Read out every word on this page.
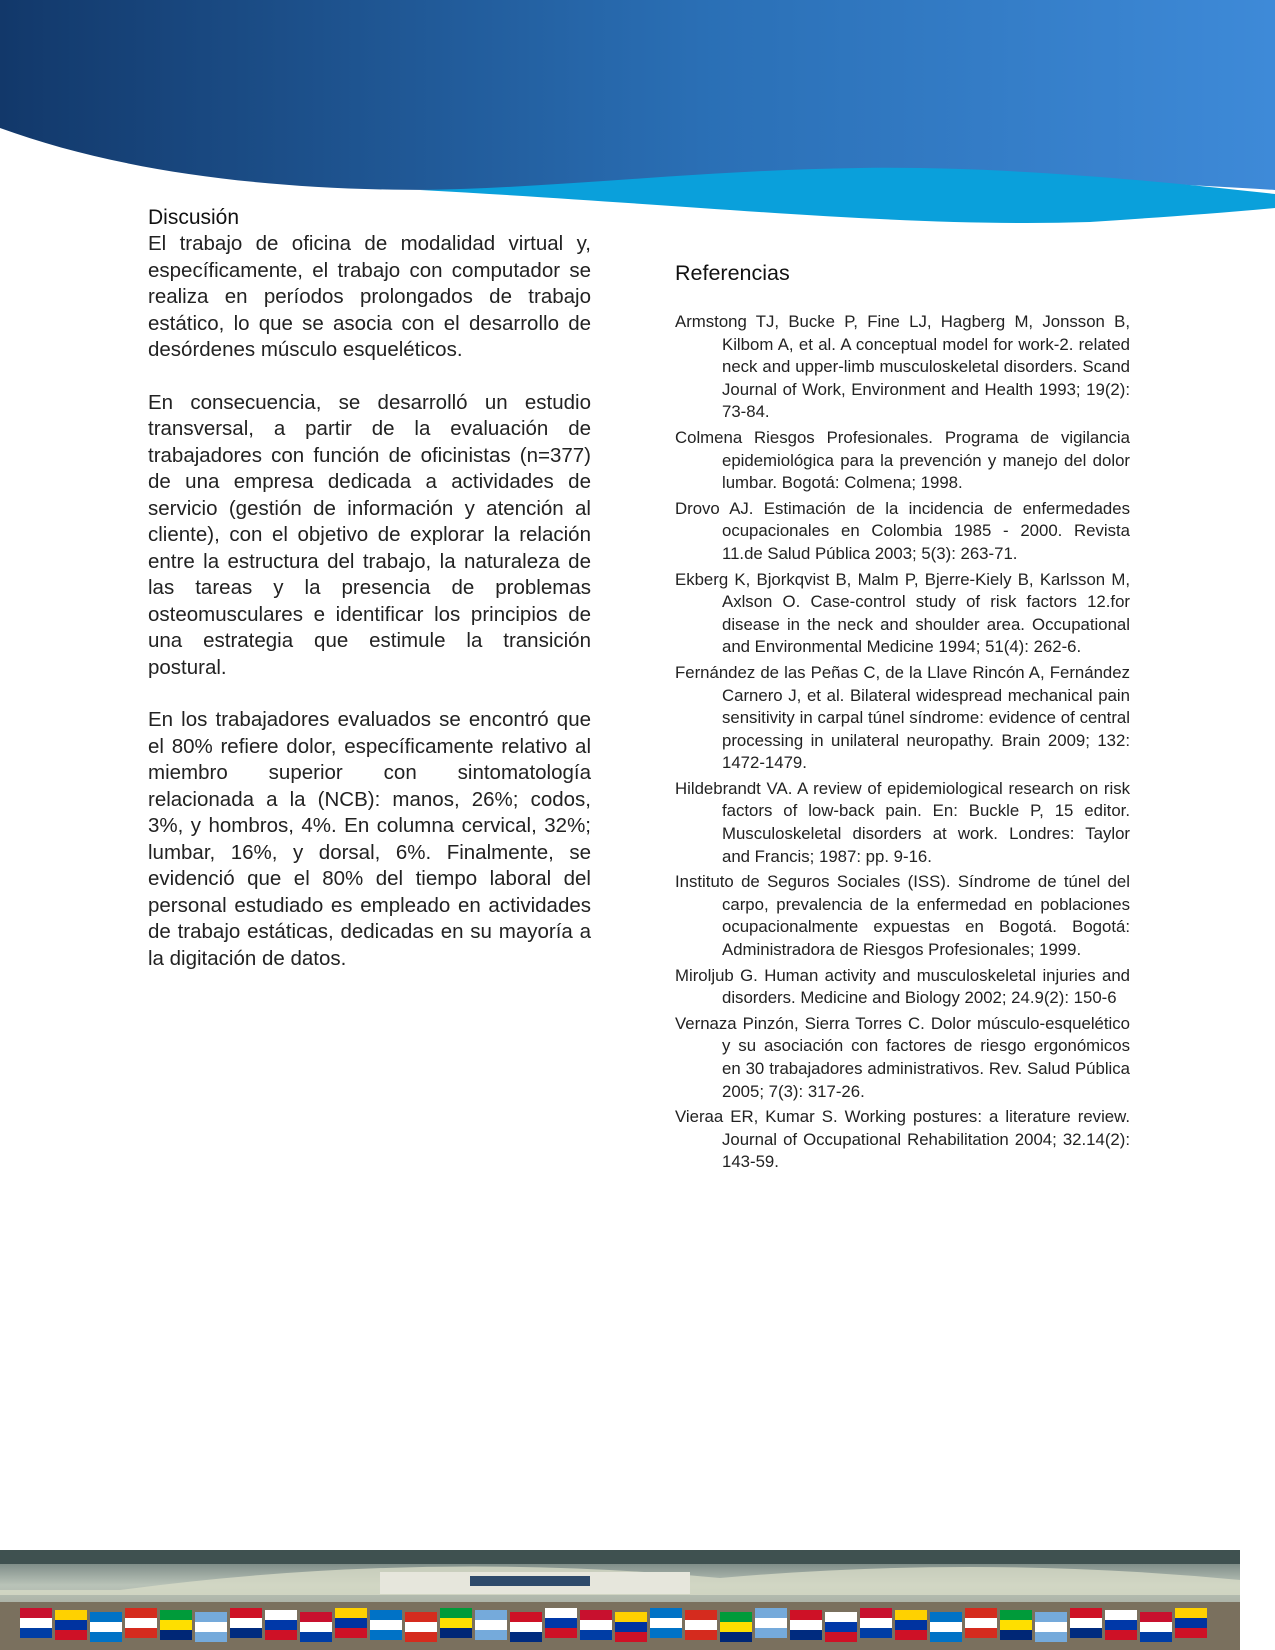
Discusión

El trabajo de oficina de modalidad virtual y, específicamente, el trabajo con computador se realiza en períodos prolongados de trabajo estático, lo que se asocia con el desarrollo de desórdenes músculo esqueléticos.

En consecuencia, se desarrolló un estudio transversal, a partir de la evaluación de trabajadores con función de oficinistas (n=377) de una empresa dedicada a actividades de servicio (gestión de información y atención al cliente), con el objetivo de explorar la relación entre la estructura del trabajo, la naturaleza de las tareas y la presencia de problemas osteomusculares e identificar los principios de una estrategia que estimule la transición postural.

En los trabajadores evaluados se encontró que el 80% refiere dolor, específicamente relativo al miembro superior con sintomatología relacionada a la (NCB): manos, 26%; codos, 3%, y hombros, 4%. En columna cervical, 32%; lumbar, 16%, y dorsal, 6%. Finalmente, se evidenció que el 80% del tiempo laboral del personal estudiado es empleado en actividades de trabajo estáticas, dedicadas en su mayoría a la digitación de datos.

Referencias
Armstong TJ, Bucke P, Fine LJ, Hagberg M, Jonsson B, Kilbom A, et al. A conceptual model for work-2. related neck and upper-limb musculoskeletal disorders. Scand Journal of Work, Environment and Health 1993; 19(2): 73-84.
Colmena Riesgos Profesionales. Programa de vigilancia epidemiológica para la prevención y manejo del dolor lumbar. Bogotá: Colmena; 1998.
Drovo AJ. Estimación de la incidencia de enfermedades ocupacionales en Colombia 1985 - 2000. Revista 11.de Salud Pública 2003; 5(3): 263-71.
Ekberg K, Bjorkqvist B, Malm P, Bjerre-Kiely B, Karlsson M, Axlson O. Case-control study of risk factors 12.for disease in the neck and shoulder area. Occupational and Environmental Medicine 1994; 51(4): 262-6.
Fernández de las Peñas C, de la Llave Rincón A, Fernández Carnero J, et al. Bilateral widespread mechanical pain sensitivity in carpal túnel síndrome: evidence of central processing in unilateral neuropathy. Brain 2009; 132: 1472-1479.
Hildebrandt VA. A review of epidemiological research on risk factors of low-back pain. En: Buckle P, 15 editor. Musculoskeletal disorders at work. Londres: Taylor and Francis; 1987: pp. 9-16.
Instituto de Seguros Sociales (ISS). Síndrome de túnel del carpo, prevalencia de la enfermedad en poblaciones ocupacionalmente expuestas en Bogotá. Bogotá: Administradora de Riesgos Profesionales; 1999.
Miroljub G. Human activity and musculoskeletal injuries and disorders. Medicine and Biology 2002; 24.9(2): 150-6
Vernaza Pinzón, Sierra Torres C. Dolor músculo-esquelético y su asociación con factores de riesgo ergonómicos en 30 trabajadores administrativos. Rev. Salud Pública 2005; 7(3): 317-26.
Vieraa ER, Kumar S. Working postures: a literature review. Journal of Occupational Rehabilitation 2004; 32.14(2): 143-59.
